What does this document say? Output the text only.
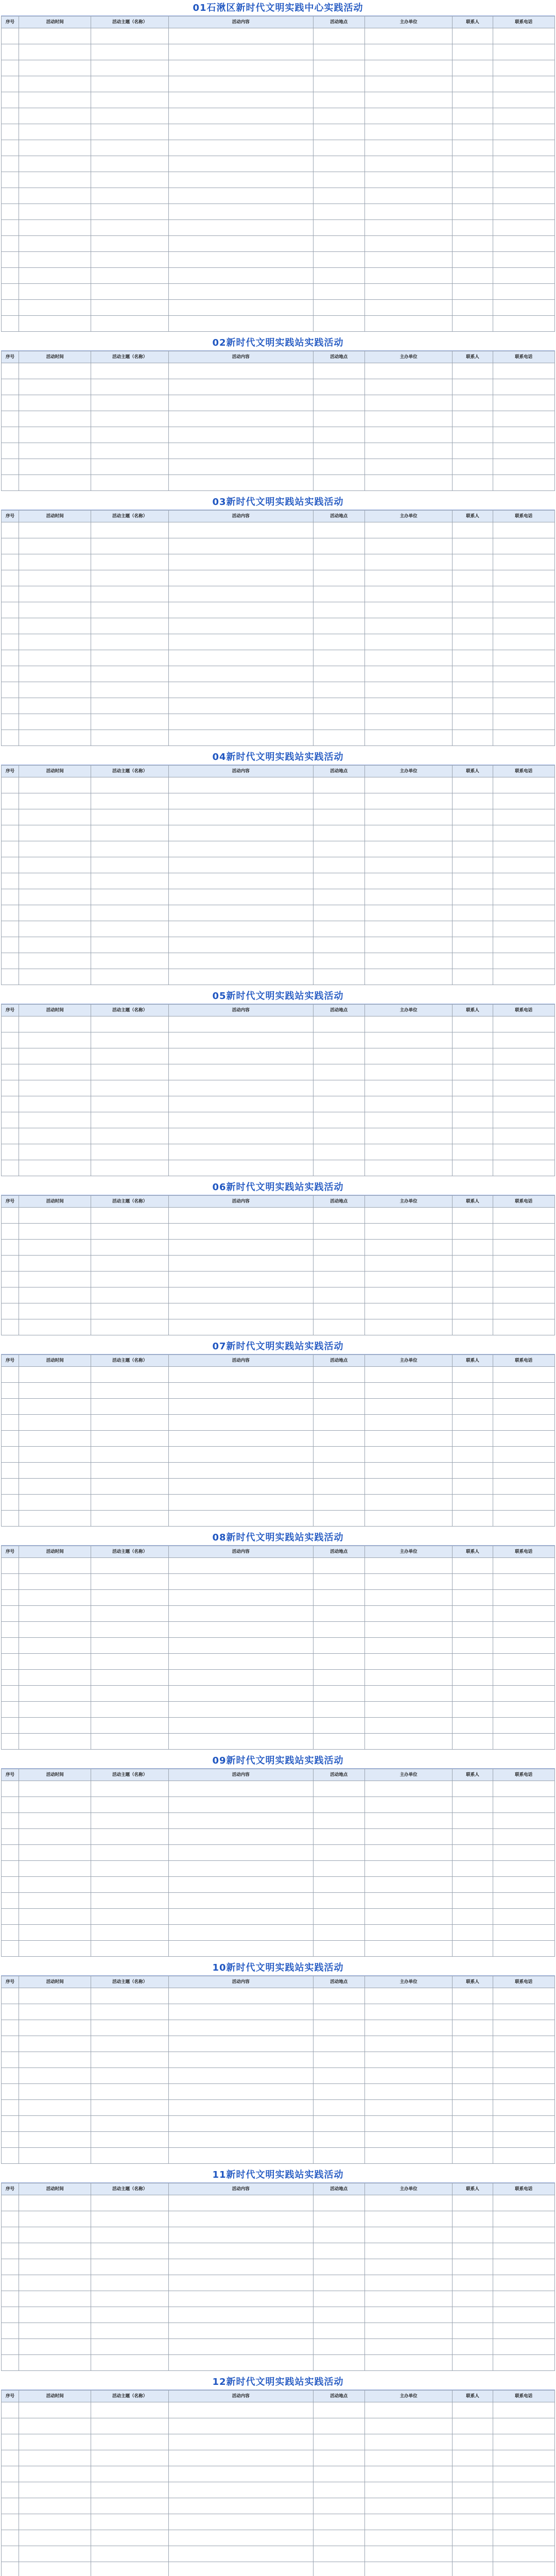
01石湫区新时代文明实践中心实践活动
序号	活动时间	活动主题（名称）	活动内容	活动地点	主办单位	联系人	联系电话

02新时代文明实践站实践活动
序号	活动时间	活动主题（名称）	活动内容	活动地点	主办单位	联系人	联系电话

03新时代文明实践站实践活动
序号	活动时间	活动主题（名称）	活动内容	活动地点	主办单位	联系人	联系电话

04新时代文明实践站实践活动
序号	活动时间	活动主题（名称）	活动内容	活动地点	主办单位	联系人	联系电话

05新时代文明实践站实践活动
序号	活动时间	活动主题（名称）	活动内容	活动地点	主办单位	联系人	联系电话

06新时代文明实践站实践活动
序号	活动时间	活动主题（名称）	活动内容	活动地点	主办单位	联系人	联系电话

07新时代文明实践站实践活动
序号	活动时间	活动主题（名称）	活动内容	活动地点	主办单位	联系人	联系电话

08新时代文明实践站实践活动
序号	活动时间	活动主题（名称）	活动内容	活动地点	主办单位	联系人	联系电话

09新时代文明实践站实践活动
序号	活动时间	活动主题（名称）	活动内容	活动地点	主办单位	联系人	联系电话

10新时代文明实践站实践活动
序号	活动时间	活动主题（名称）	活动内容	活动地点	主办单位	联系人	联系电话

11新时代文明实践站实践活动
序号	活动时间	活动主题（名称）	活动内容	活动地点	主办单位	联系人	联系电话

12新时代文明实践站实践活动
序号	活动时间	活动主题（名称）	活动内容	活动地点	主办单位	联系人	联系电话
